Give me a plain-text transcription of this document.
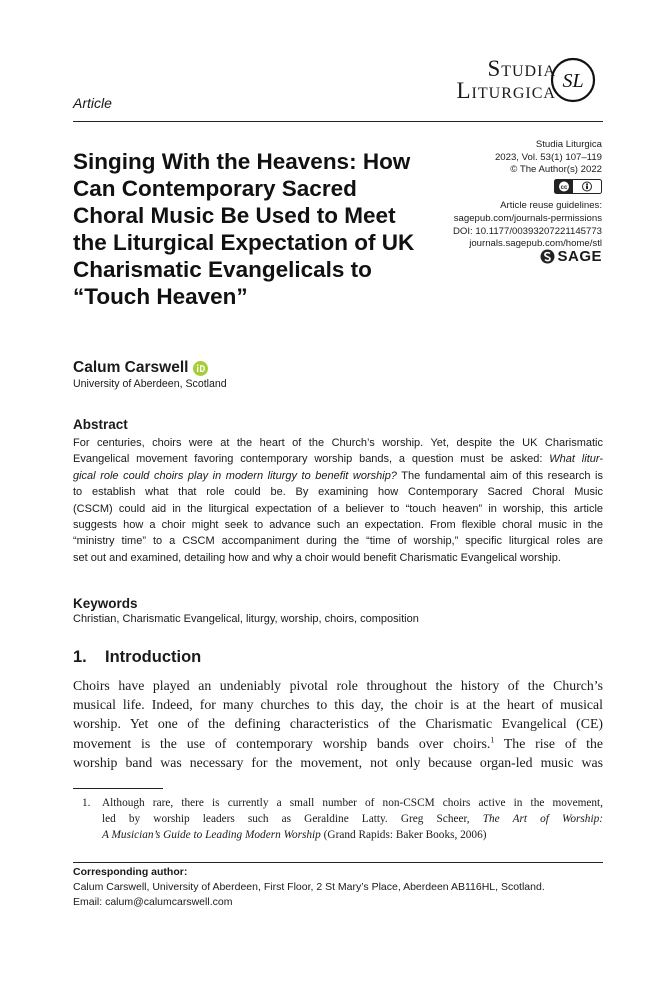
Article
Studia
Liturgica SL
Singing With the Heavens: How
Can Contemporary Sacred
Choral Music Be Used to Meet
the Liturgical Expectation of UK
Charismatic Evangelicals to
“Touch Heaven”
Studia Liturgica
2023, Vol. 53(1) 107–119
© The Author(s) 2022
cc
Article reuse guidelines:
sagepub.com/journals-permissions
DOI: 10.1177/00393207221145773
journals.sagepub.com/home/stl
SAGE
Calum Carswell
University of Aberdeen, Scotland
Abstract
For centuries, choirs were at the heart of the Church’s worship. Yet, despite the UK Charismatic
Evangelical movement favoring contemporary worship bands, a question must be asked: What litur-
gical role could choirs play in modern liturgy to benefit worship? The fundamental aim of this research is
to establish what that role could be. By examining how Contemporary Sacred Choral Music
(CSCM) could aid in the liturgical expectation of a believer to “touch heaven” in worship, this article
suggests how a choir might seek to advance such an expectation. From flexible choral music in the
“ministry time” to a CSCM accompaniment during the “time of worship,” specific liturgical roles are
set out and examined, detailing how and why a choir would benefit Charismatic Evangelical worship.
Keywords
Christian, Charismatic Evangelical, liturgy, worship, choirs, composition
1. Introduction
Choirs have played an undeniably pivotal role throughout the history of the Church’s
musical life. Indeed, for many churches to this day, the choir is at the heart of musical
worship. Yet one of the defining characteristics of the Charismatic Evangelical (CE)
movement is the use of contemporary worship bands over choirs.$^1$ The rise of the
worship band was necessary for the movement, not only because organ-led music was
1. Although rare, there is currently a small number of non-CSCM choirs active in the movement,
led by worship leaders such as Geraldine Latty. Greg Scheer, The Art of Worship:
A Musician’s Guide to Leading Modern Worship (Grand Rapids: Baker Books, 2006)
Corresponding author:
Calum Carswell, University of Aberdeen, First Floor, 2 St Mary’s Place, Aberdeen AB116HL, Scotland.
Email: calum@calumcarswell.com
